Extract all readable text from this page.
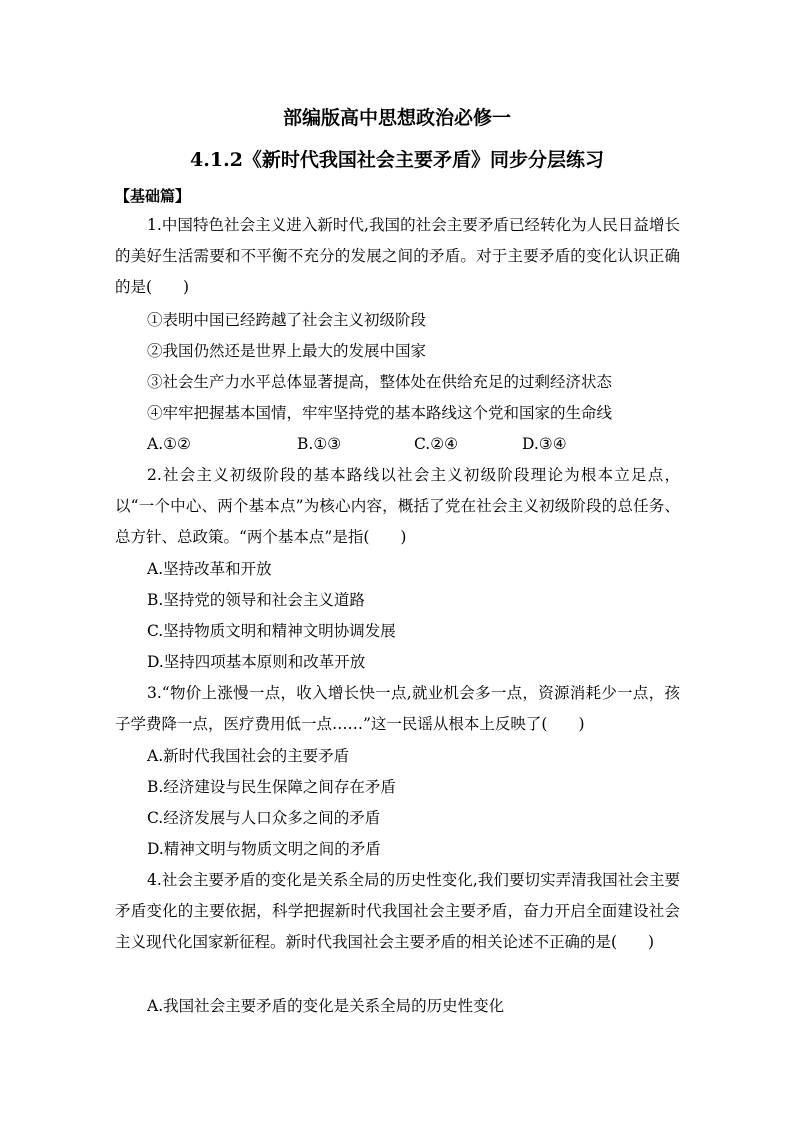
部编版高中思想政治必修一
4.1.2《新时代我国社会主要矛盾》同步分层练习
【基础篇】

1.中国特色社会主义进入新时代,我国的社会主要矛盾已经转化为人民日益增长的美好生活需要和不平衡不充分的发展之间的矛盾。对于主要矛盾的变化认识正确的是(　　)

①表明中国已经跨越了社会主义初级阶段
②我国仍然还是世界上最大的发展中国家
③社会生产力水平总体显著提高，整体处在供给充足的过剩经济状态
④牢牢把握基本国情，牢牢坚持党的基本路线这个党和国家的生命线
A.①②	B.①③	C.②④	D.③④

2.社会主义初级阶段的基本路线以社会主义初级阶段理论为根本立足点，以“一个中心、两个基本点”为核心内容，概括了党在社会主义初级阶段的总任务、总方针、总政策。“两个基本点”是指(　　)

A.坚持改革和开放
B.坚持党的领导和社会主义道路
C.坚持物质文明和精神文明协调发展
D.坚持四项基本原则和改革开放

3.“物价上涨慢一点，收入增长快一点,就业机会多一点，资源消耗少一点，孩子学费降一点，医疗费用低一点……”这一民谣从根本上反映了(　　)

A.新时代我国社会的主要矛盾
B.经济建设与民生保障之间存在矛盾
C.经济发展与人口众多之间的矛盾
D.精神文明与物质文明之间的矛盾

4.社会主要矛盾的变化是关系全局的历史性变化,我们要切实弄清我国社会主要矛盾变化的主要依据，科学把握新时代我国社会主要矛盾，奋力开启全面建设社会主义现代化国家新征程。新时代我国社会主要矛盾的相关论述不正确的是(　　)

A.我国社会主要矛盾的变化是关系全局的历史性变化
